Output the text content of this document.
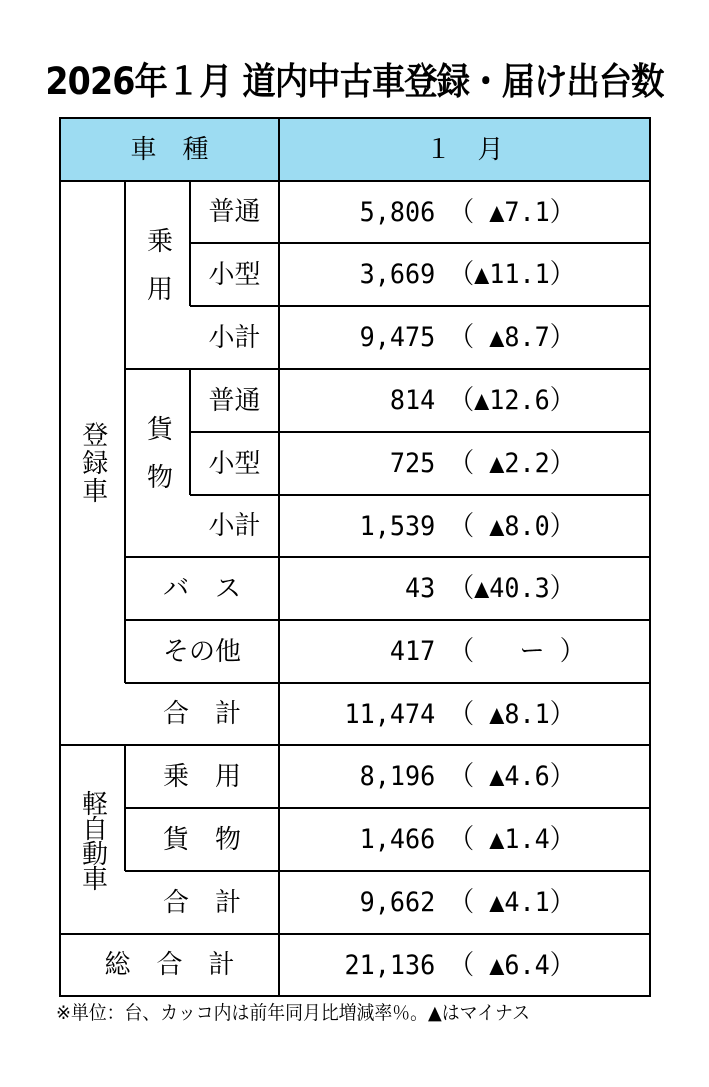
2026年１月 道内中古車登録・届け出台数
車　種	１　月
登録車
乗用
普通
小型
小計
貨物
普通
小型
小計
バ　ス
その他
合　計
軽自動車
乗　用
貨　物
合　計
総　合　計
5,806 （ ▲7.1）
3,669 （▲11.1）
9,475 （ ▲8.7）
814 （▲12.6）
725 （ ▲2.2）
1,539 （ ▲8.0）
43 （▲40.3）
417 （   ー ）
11,474 （ ▲8.1）
8,196 （ ▲4.6）
1,466 （ ▲1.4）
9,662 （ ▲4.1）
21,136 （ ▲6.4）
※単位：台、カッコ内は前年同月比増減率％。▲はマイナス
